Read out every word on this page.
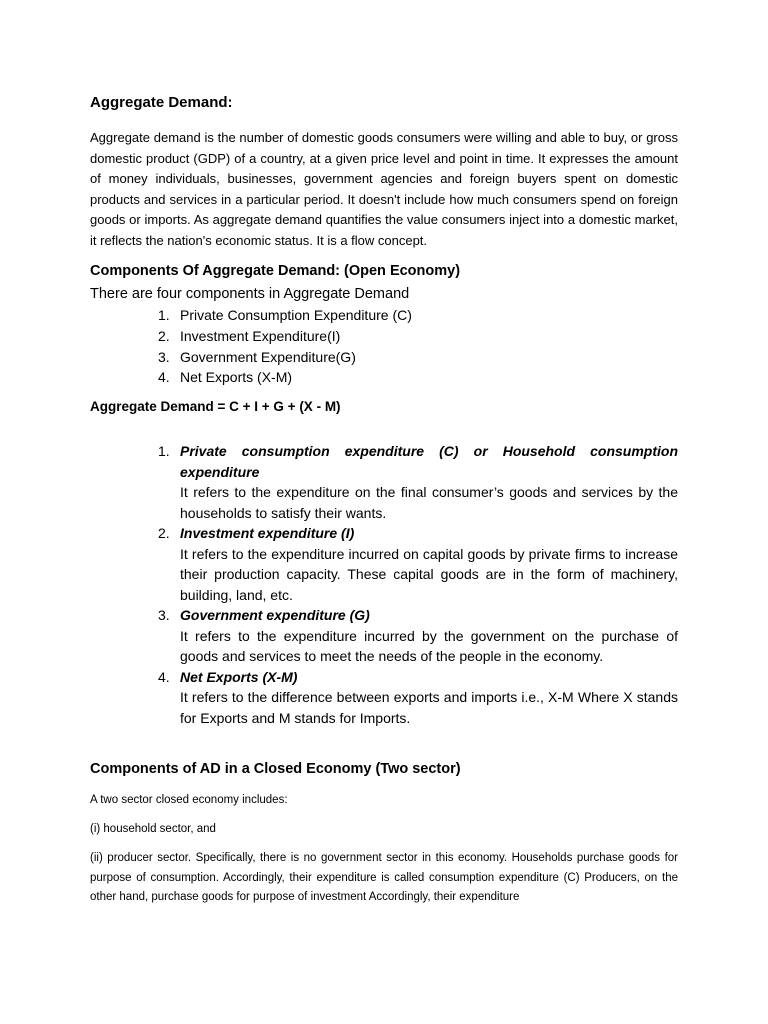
Aggregate Demand:

Aggregate demand is the number of domestic goods consumers were willing and able to buy, or gross domestic product (GDP) of a country, at a given price level and point in time. It expresses the amount of money individuals, businesses, government agencies and foreign buyers spent on domestic products and services in a particular period. It doesn't include how much consumers spend on foreign goods or imports. As aggregate demand quantifies the value consumers inject into a domestic market, it reflects the nation's economic status. It is a flow concept.

Components Of Aggregate Demand: (Open Economy)

There are four components in Aggregate Demand

1. Private Consumption Expenditure (C)
2. Investment Expenditure(I)
3. Government Expenditure(G)
4. Net Exports (X-M)

Aggregate Demand = C + I + G + (X - M)

1. Private consumption expenditure (C) or Household consumption
expenditure
It refers to the expenditure on the final consumer’s goods and services by the households to satisfy their wants.
2. Investment expenditure (I)
It refers to the expenditure incurred on capital goods by private firms to increase their production capacity. These capital goods are in the form of machinery, building, land, etc.
3. Government expenditure (G)
It refers to the expenditure incurred by the government on the purchase of goods and services to meet the needs of the people in the economy.
4. Net Exports (X-M)
It refers to the difference between exports and imports i.e., X-M Where X stands for Exports and M stands for Imports.
Components of AD in a Closed Economy (Two sector)

A two sector closed economy includes:

(i) household sector, and

(ii) producer sector. Specifically, there is no government sector in this economy. Households purchase goods for purpose of consumption. Accordingly, their expenditure is called consumption expenditure (C) Producers, on the other hand, purchase goods for purpose of investment Accordingly, their expenditure
